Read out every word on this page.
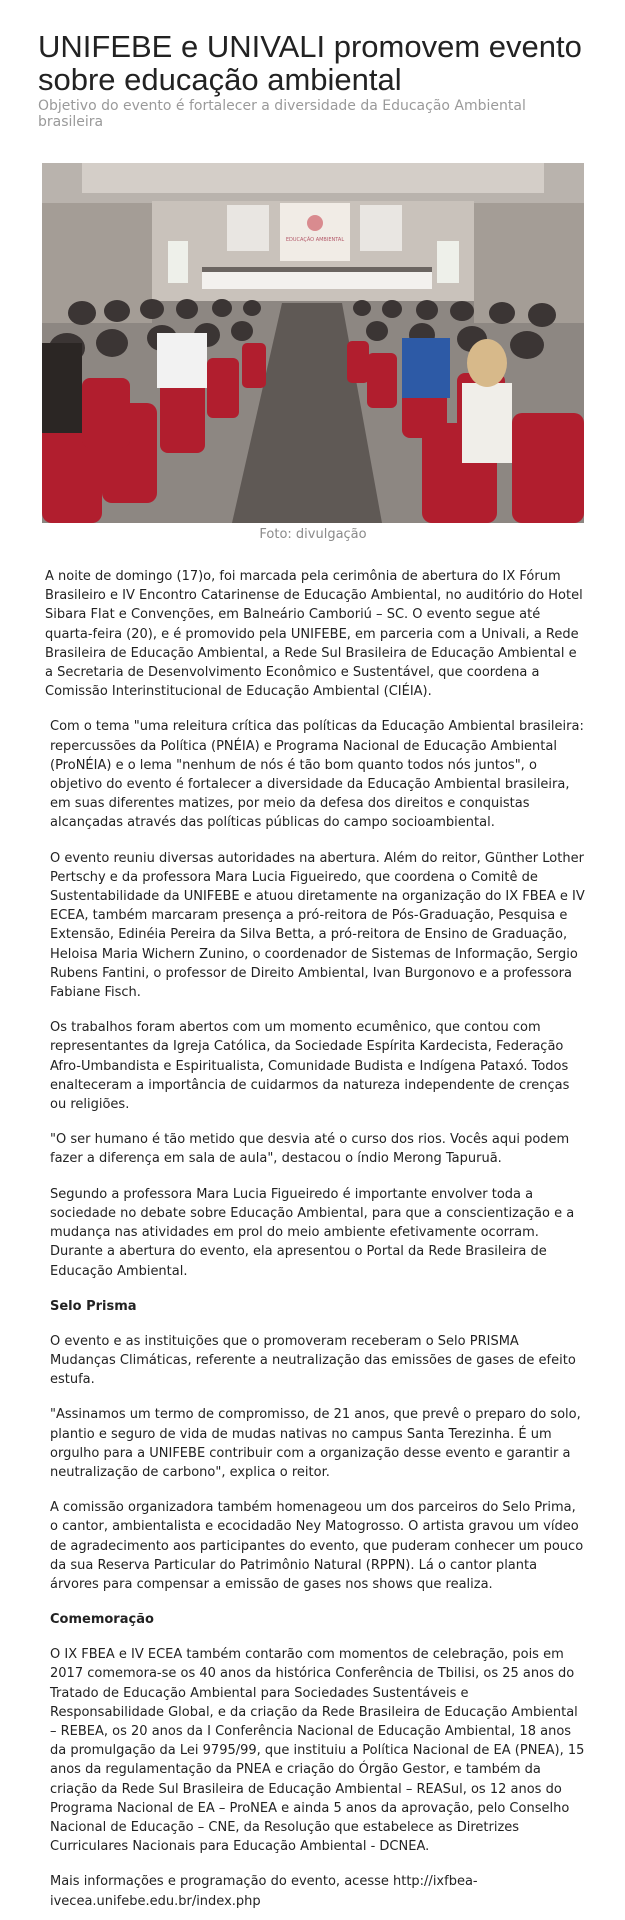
UNIFEBE e UNIVALI promovem evento sobre educação ambiental
Objetivo do evento é fortalecer a diversidade da Educação Ambiental brasileira
EDUCAÇÃO AMBIENTAL
Foto: divulgação

A noite de domingo (17)o, foi marcada pela cerimônia de abertura do IX Fórum Brasileiro e IV Encontro Catarinense de Educação Ambiental, no auditório do Hotel Sibara Flat e Convenções, em Balneário Camboriú – SC. O evento segue até quarta-feira (20), e é promovido pela UNIFEBE, em parceria com a Univali, a Rede Brasileira de Educação Ambiental, a Rede Sul Brasileira de Educação Ambiental e a Secretaria de Desenvolvimento Econômico e Sustentável, que coordena a Comissão Interinstitucional de Educação Ambiental (CIÉIA).

Com o tema "uma releitura crítica das políticas da Educação Ambiental brasileira: repercussões da Política (PNÉIA) e Programa Nacional de Educação Ambiental (ProNÉIA) e o lema "nenhum de nós é tão bom quanto todos nós juntos", o objetivo do evento é fortalecer a diversidade da Educação Ambiental brasileira, em suas diferentes matizes, por meio da defesa dos direitos e conquistas alcançadas através das políticas públicas do campo socioambiental.

O evento reuniu diversas autoridades na abertura. Além do reitor, Günther Lother Pertschy e da professora Mara Lucia Figueiredo, que coordena o Comitê de Sustentabilidade da UNIFEBE e atuou diretamente na organização do IX FBEA e IV ECEA, também marcaram presença a pró-reitora de Pós-Graduação, Pesquisa e Extensão, Edinéia Pereira da Silva Betta, a pró-reitora de Ensino de Graduação, Heloisa Maria Wichern Zunino, o coordenador de Sistemas de Informação, Sergio Rubens Fantini, o professor de Direito Ambiental, Ivan Burgonovo e a professora Fabiane Fisch.

Os trabalhos foram abertos com um momento ecumênico, que contou com representantes da Igreja Católica, da Sociedade Espírita Kardecista, Federação Afro-Umbandista e Espiritualista, Comunidade Budista e Indígena Pataxó. Todos enalteceram a importância de cuidarmos da natureza independente de crenças ou religiões.

"O ser humano é tão metido que desvia até o curso dos rios. Vocês aqui podem fazer a diferença em sala de aula", destacou o índio Merong Tapuruã.

Segundo a professora Mara Lucia Figueiredo é importante envolver toda a sociedade no debate sobre Educação Ambiental, para que a conscientização e a mudança nas atividades em prol do meio ambiente efetivamente ocorram. Durante a abertura do evento, ela apresentou o Portal da Rede Brasileira de Educação Ambiental.

Selo Prisma

O evento e as instituições que o promoveram receberam o Selo PRISMA Mudanças Climáticas, referente a neutralização das emissões de gases de efeito estufa.

"Assinamos um termo de compromisso, de 21 anos, que prevê o preparo do solo, plantio e seguro de vida de mudas nativas no campus Santa Terezinha. É um orgulho para a UNIFEBE contribuir com a organização desse evento e garantir a neutralização de carbono", explica o reitor.

A comissão organizadora também homenageou um dos parceiros do Selo Prima, o cantor, ambientalista e ecocidadão Ney Matogrosso. O artista gravou um vídeo de agradecimento aos participantes do evento, que puderam conhecer um pouco da sua Reserva Particular do Patrimônio Natural (RPPN). Lá o cantor planta árvores para compensar a emissão de gases nos shows que realiza.

Comemoração

O IX FBEA e IV ECEA também contarão com momentos de celebração, pois em 2017 comemora-se os 40 anos da histórica Conferência de Tbilisi, os 25 anos do Tratado de Educação Ambiental para Sociedades Sustentáveis e Responsabilidade Global, e da criação da Rede Brasileira de Educação Ambiental – REBEA, os 20 anos da I Conferência Nacional de Educação Ambiental, 18 anos da promulgação da Lei 9795/99, que instituiu a Política Nacional de EA (PNEA), 15 anos da regulamentação da PNEA e criação do Órgão Gestor, e também da criação da Rede Sul Brasileira de Educação Ambiental – REASul, os 12 anos do Programa Nacional de EA – ProNEA e ainda 5 anos da aprovação, pelo Conselho Nacional de Educação – CNE, da Resolução que estabelece as Diretrizes Curriculares Nacionais para Educação Ambiental - DCNEA.

Mais informações e programação do evento, acesse http://ixfbea-ivecea.unifebe.edu.br/index.php
